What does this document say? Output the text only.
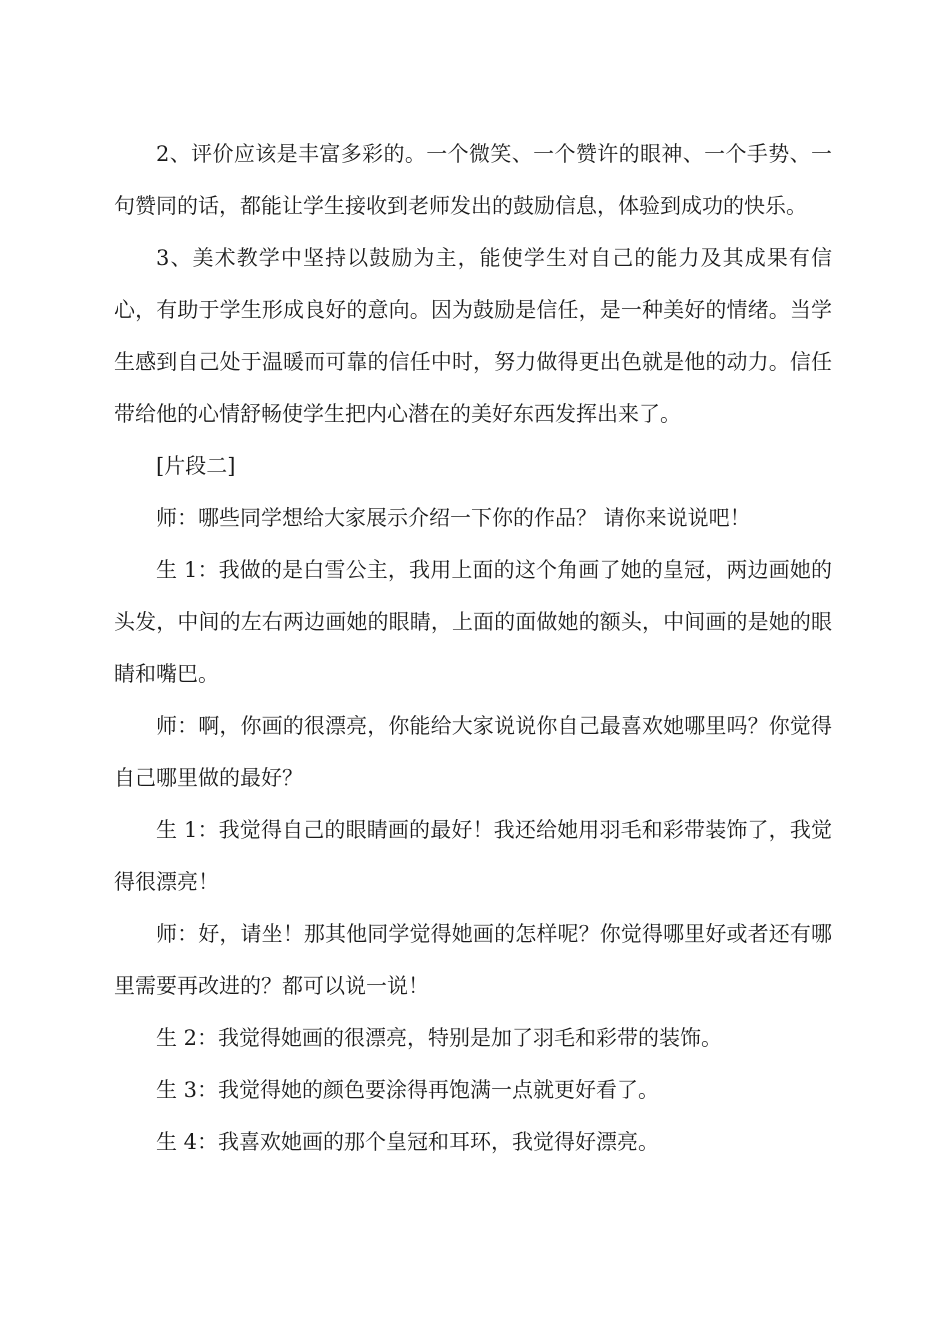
2、评价应该是丰富多彩的。一个微笑、一个赞许的眼神、一个手势、一句赞同的话，都能让学生接收到老师发出的鼓励信息，体验到成功的快乐。

3、美术教学中坚持以鼓励为主，能使学生对自己的能力及其成果有信心，有助于学生形成良好的意向。因为鼓励是信任，是一种美好的情绪。当学生感到自己处于温暖而可靠的信任中时，努力做得更出色就是他的动力。信任带给他的心情舒畅使学生把内心潜在的美好东西发挥出来了。

[片段二]

师：哪些同学想给大家展示介绍一下你的作品？ 请你来说说吧！

生 1：我做的是白雪公主，我用上面的这个角画了她的皇冠，两边画她的头发，中间的左右两边画她的眼睛，上面的面做她的额头，中间画的是她的眼睛和嘴巴。

师：啊，你画的很漂亮，你能给大家说说你自己最喜欢她哪里吗？你觉得自己哪里做的最好？

生 1：我觉得自己的眼睛画的最好！我还给她用羽毛和彩带装饰了，我觉得很漂亮！

师：好，请坐！那其他同学觉得她画的怎样呢？你觉得哪里好或者还有哪里需要再改进的？都可以说一说！

生 2：我觉得她画的很漂亮，特别是加了羽毛和彩带的装饰。

生 3：我觉得她的颜色要涂得再饱满一点就更好看了。

生 4：我喜欢她画的那个皇冠和耳环，我觉得好漂亮。
